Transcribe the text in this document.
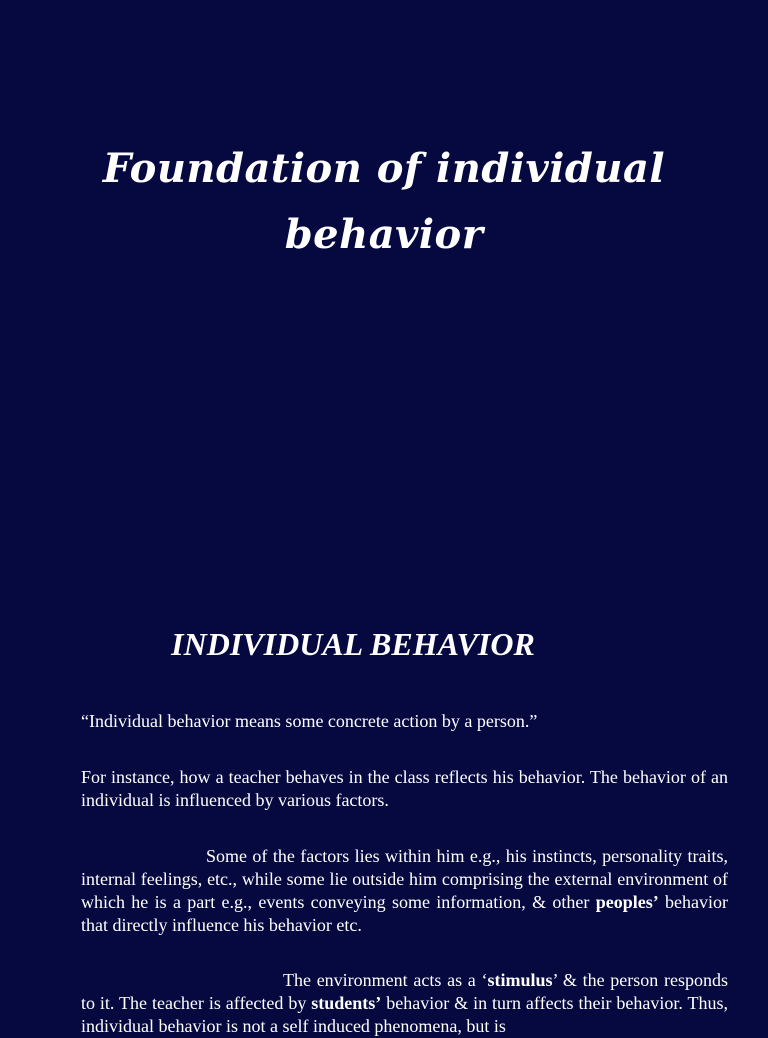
Foundation of individual
behavior
INDIVIDUAL BEHAVIOR

“Individual behavior means some concrete action by a person.”

For instance, how a teacher behaves in the class reflects his behavior. The behavior of an individual is influenced by various factors.

Some of the factors lies within him e.g., his instincts, personality traits, internal feelings, etc., while some lie outside him comprising the external environment of which he is a part e.g., events conveying some information, & other peoples’ behavior that directly influence his behavior etc.

The environment acts as a ‘stimulus’ & the person responds to it. The teacher is affected by students’ behavior & in turn affects their behavior. Thus, individual behavior is not a self induced phenomena, but is
